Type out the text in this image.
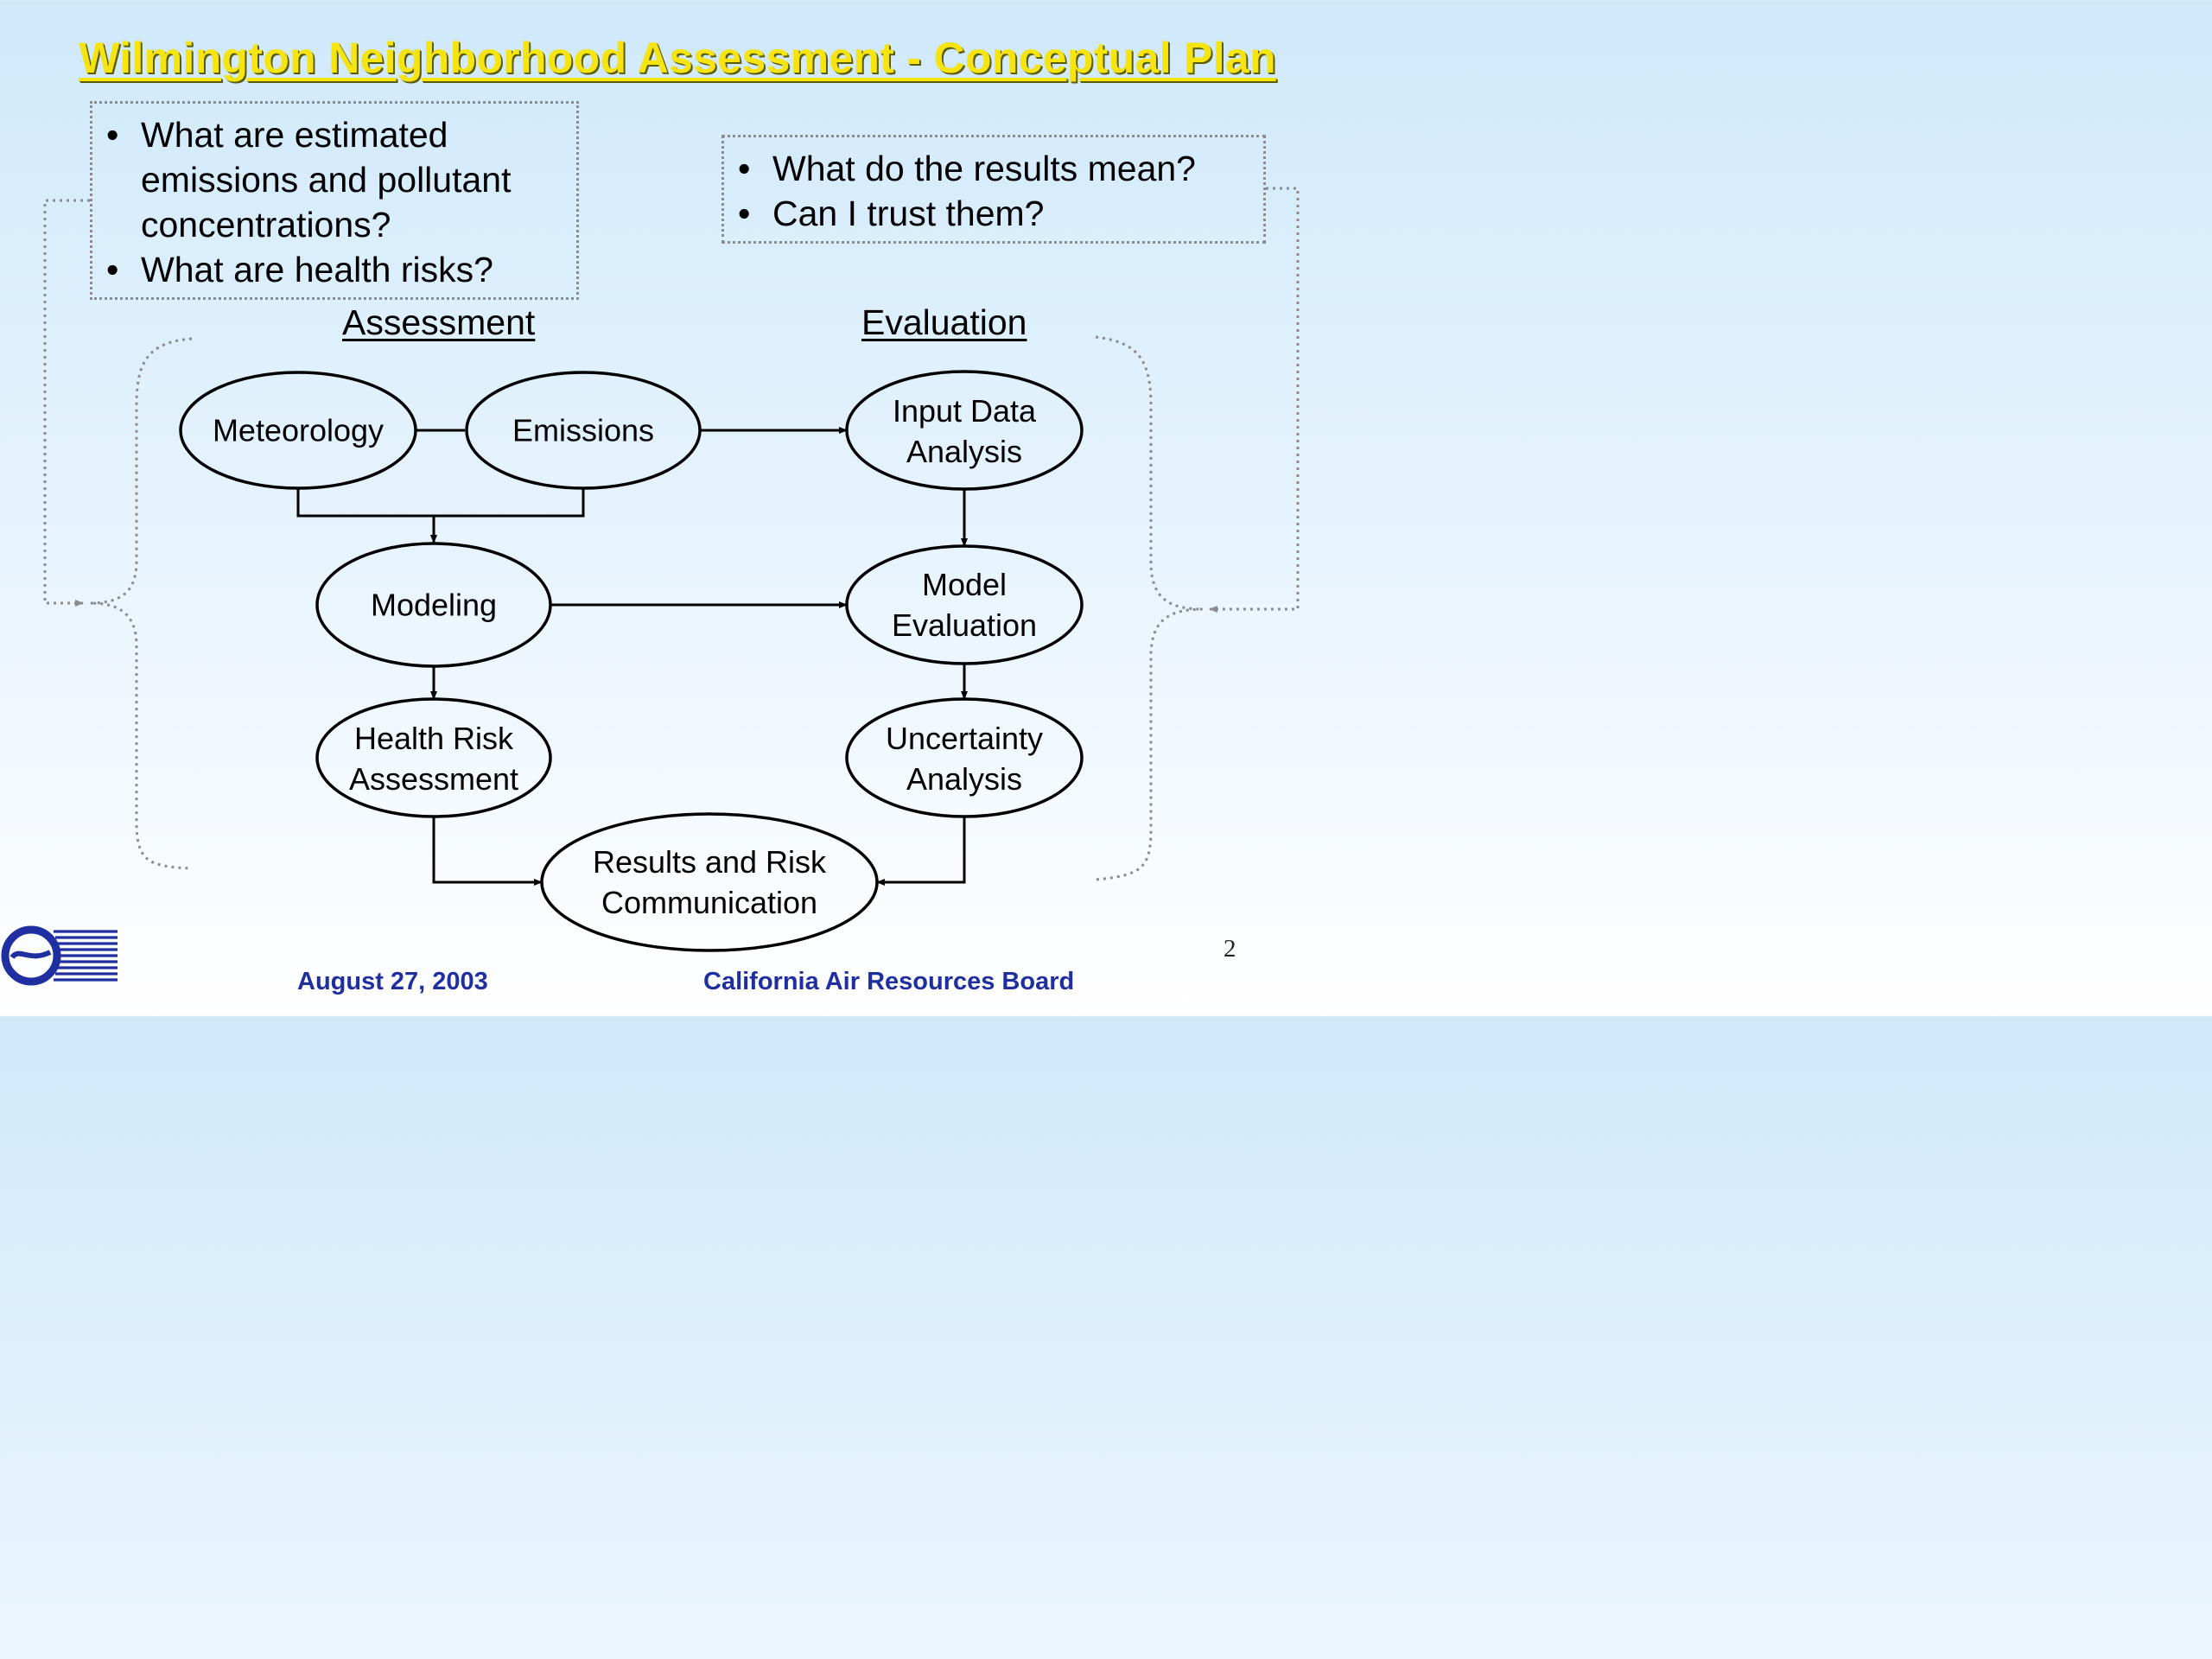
Wilmington Neighborhood Assessment - Conceptual Plan
• What are estimated emissions and pollutant concentrations?
• What are health risks?
• What do the results mean?
• Can I trust them?
Assessment	Evaluation
Meteorology	Emissions
Input Data
Analysis
Modeling
Model
Evaluation
Health Risk
Assessment
Uncertainty
Analysis
Results and Risk
Communication
August 27, 2003	California Air Resources Board
2
